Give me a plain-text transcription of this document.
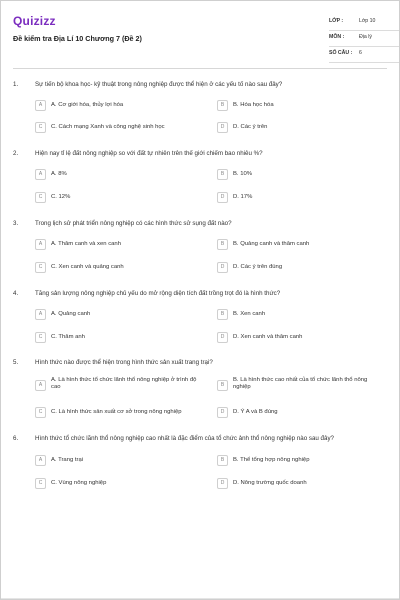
Quizizz
Đề kiểm tra Địa Lí 10 Chương 7 (Đề 2)
LỚP :	Lớp 10
MÔN :	Địa lý
SỐ CÂU : 6
1.	Sự tiến bộ khoa học- kỹ thuật trong nông nghiệp được thể hiện ở các yếu tố nào sau đây?
A	A. Cơ giới hóa, thủy lợi hóa	B	B. Hóa học hóa
C	C. Cách mạng Xanh và công nghệ sinh học	D	D. Các ý trên
2.	Hiện nay tỉ lệ đất nông nghiệp so với đất tự nhiên trên thế giới chiếm bao nhiêu %?
A	A. 8%	B	B. 10%
C	C. 12%	D	D. 17%
3.	Trong lịch sử phát triển nông nghiệp có các hình thức sử sụng đất nào?
A	A. Thâm canh và xen canh	B	B. Quảng canh và thâm canh
C	C. Xen canh và quảng canh	D	D. Các ý trên đúng
4.	Tăng sản lượng nông nghiệp chủ yếu do mở rộng diện tích đất trồng trọt đó là hình thức?
A	A. Quảng canh	B	B. Xen canh
C	C. Thâm anh	D	D. Xen canh và thâm canh
5.	Hình thức nào được thể hiện trong hình thức sản xuất trang trại?
A
A. Là hình thức tổ chức lãnh thổ nông nghiệp ở trình độ cao	B
B. Là hình thức cao nhất của tổ chức lãnh thổ nông nghiệp
C	C. Là hình thức sản xuất cơ sở trong nông nghiệp	D	D. Ý A và B đúng
6.	Hình thức tổ chức lãnh thổ nông nghiệp cao nhất là đặc điểm của tổ chức ảnh thổ nông nghiệp nào sau đây?
A	A. Trang trại	B	B. Thể tổng hợp nông nghiệp
C	C. Vùng nông nghiệp	D	D. Nông trường quốc doanh
